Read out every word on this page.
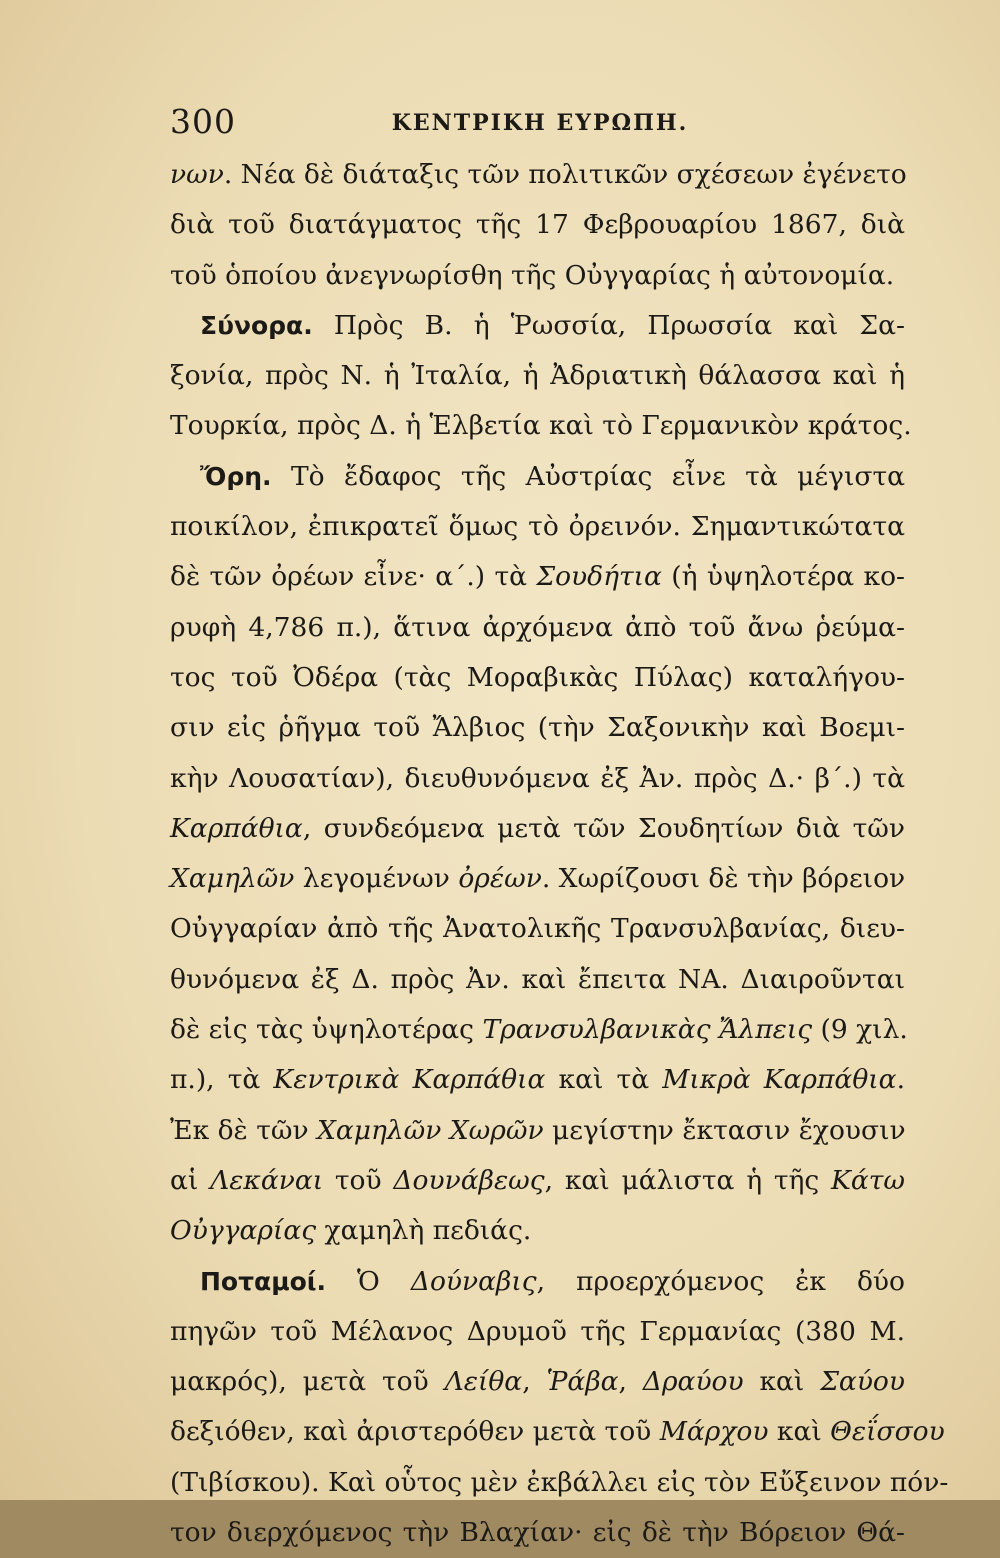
300	ΚΕΝΤΡΙΚΗ ΕΥΡΩΠΗ.
νων. Νέα δὲ διάταξις τῶν πολιτικῶν σχέσεων ἐγένετο
διὰ τοῦ διατάγματος τῆς 17 Φεβρουαρίου 1867, διὰ
τοῦ ὁποίου ἀνεγνωρίσθη τῆς Οὐγγαρίας ἡ αὐτονομία.
Σύνορα. Πρὸς Β. ἡ Ῥωσσία, Πρωσσία καὶ Σα-
ξονία, πρὸς Ν. ἡ Ἰταλία, ἡ Ἀδριατικὴ θάλασσα καὶ ἡ
Τουρκία, πρὸς Δ. ἡ Ἑλβετία καὶ τὸ Γερμανικὸν κράτος.
Ὄρη. Τὸ ἔδαφος τῆς Αὐστρίας εἶνε τὰ μέγιστα
ποικίλον, ἐπικρατεῖ ὅμως τὸ ὀρεινόν. Σημαντικώτατα
δὲ τῶν ὀρέων εἶνε· α΄.) τὰ Σουδήτια (ἡ ὑψηλοτέρα κο-
ρυφὴ 4,786 π.), ἅτινα ἀρχόμενα ἀπὸ τοῦ ἄνω ῥεύμα-
τος τοῦ Ὀδέρα (τὰς Μοραβικὰς Πύλας) καταλήγου-
σιν εἰς ῥῆγμα τοῦ Ἄλβιος (τὴν Σαξονικὴν καὶ Βοεμι-
κὴν Λουσατίαν), διευθυνόμενα ἐξ Ἀν. πρὸς Δ.· β΄.) τὰ
Καρπάθια, συνδεόμενα μετὰ τῶν Σουδητίων διὰ τῶν
Χαμηλῶν λεγομένων ὀρέων. Χωρίζουσι δὲ τὴν βόρειον
Οὐγγαρίαν ἀπὸ τῆς Ἀνατολικῆς Τρανσυλβανίας, διευ-
θυνόμενα ἐξ Δ. πρὸς Ἀν. καὶ ἔπειτα ΝΑ. Διαιροῦνται
δὲ εἰς τὰς ὑψηλοτέρας Τρανσυλβανικὰς Ἄλπεις (9 χιλ.
π.), τὰ Κεντρικὰ Καρπάθια καὶ τὰ Μικρὰ Καρπάθια.
Ἐκ δὲ τῶν Χαμηλῶν Χωρῶν μεγίστην ἔκτασιν ἔχουσιν
αἱ Λεκάναι τοῦ Δουνάβεως, καὶ μάλιστα ἡ τῆς Κάτω
Οὐγγαρίας χαμηλὴ πεδιάς.
Ποταμοί. Ὁ Δούναβις, προερχόμενος ἐκ δύο
πηγῶν τοῦ Μέλανος Δρυμοῦ τῆς Γερμανίας (380 Μ.
μακρός), μετὰ τοῦ Λείθα, Ῥάβα, Δραύου καὶ Σαύου
δεξιόθεν, καὶ ἀριστερόθεν μετὰ τοῦ Μάρχου καὶ Θεΐσσου
(Τιβίσκου). Καὶ οὗτος μὲν ἐκβάλλει εἰς τὸν Εὔξεινον πόν-
τον διερχόμενος τὴν Βλαχίαν· εἰς δὲ τὴν Βόρειον Θά-
